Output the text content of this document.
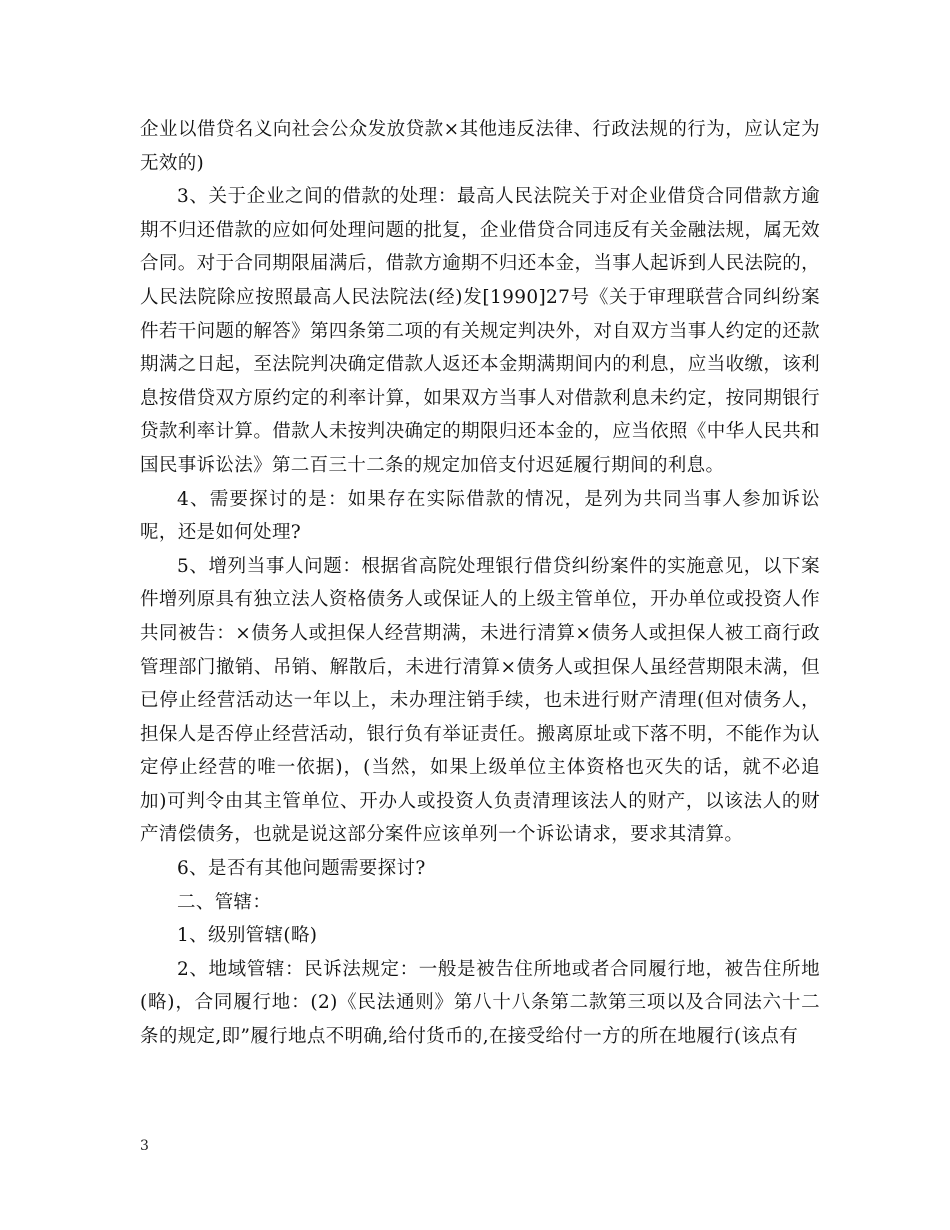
企业以借贷名义向社会公众发放贷款×其他违反法律、行政法规的行为，应认定为无效的)

3、关于企业之间的借款的处理：最高人民法院关于对企业借贷合同借款方逾期不归还借款的应如何处理问题的批复，企业借贷合同违反有关金融法规，属无效合同。对于合同期限届满后，借款方逾期不归还本金，当事人起诉到人民法院的，人民法院除应按照最高人民法院法(经)发[1990]27号《关于审理联营合同纠纷案件若干问题的解答》第四条第二项的有关规定判决外，对自双方当事人约定的还款期满之日起，至法院判决确定借款人返还本金期满期间内的利息，应当收缴，该利息按借贷双方原约定的利率计算，如果双方当事人对借款利息未约定，按同期银行贷款利率计算。借款人未按判决确定的期限归还本金的，应当依照《中华人民共和国民事诉讼法》第二百三十二条的规定加倍支付迟延履行期间的利息。

4、需要探讨的是：如果存在实际借款的情况，是列为共同当事人参加诉讼呢，还是如何处理?

5、增列当事人问题：根据省高院处理银行借贷纠纷案件的实施意见，以下案件增列原具有独立法人资格债务人或保证人的上级主管单位，开办单位或投资人作共同被告：×债务人或担保人经营期满，未进行清算×债务人或担保人被工商行政管理部门撤销、吊销、解散后，未进行清算×债务人或担保人虽经营期限未满，但已停止经营活动达一年以上，未办理注销手续，也未进行财产清理(但对债务人，担保人是否停止经营活动，银行负有举证责任。搬离原址或下落不明，不能作为认定停止经营的唯一依据)，(当然，如果上级单位主体资格也灭失的话，就不必追加)可判令由其主管单位、开办人或投资人负责清理该法人的财产，以该法人的财产清偿债务，也就是说这部分案件应该单列一个诉讼请求，要求其清算。

6、是否有其他问题需要探讨?

二、管辖：

1、级别管辖(略)

2、地域管辖：民诉法规定：一般是被告住所地或者合同履行地，被告住所地(略)，合同履行地：(2)《民法通则》第八十八条第二款第三项以及合同法六十二条的规定,即”履行地点不明确,给付货币的,在接受给付一方的所在地履行(该点有

3
